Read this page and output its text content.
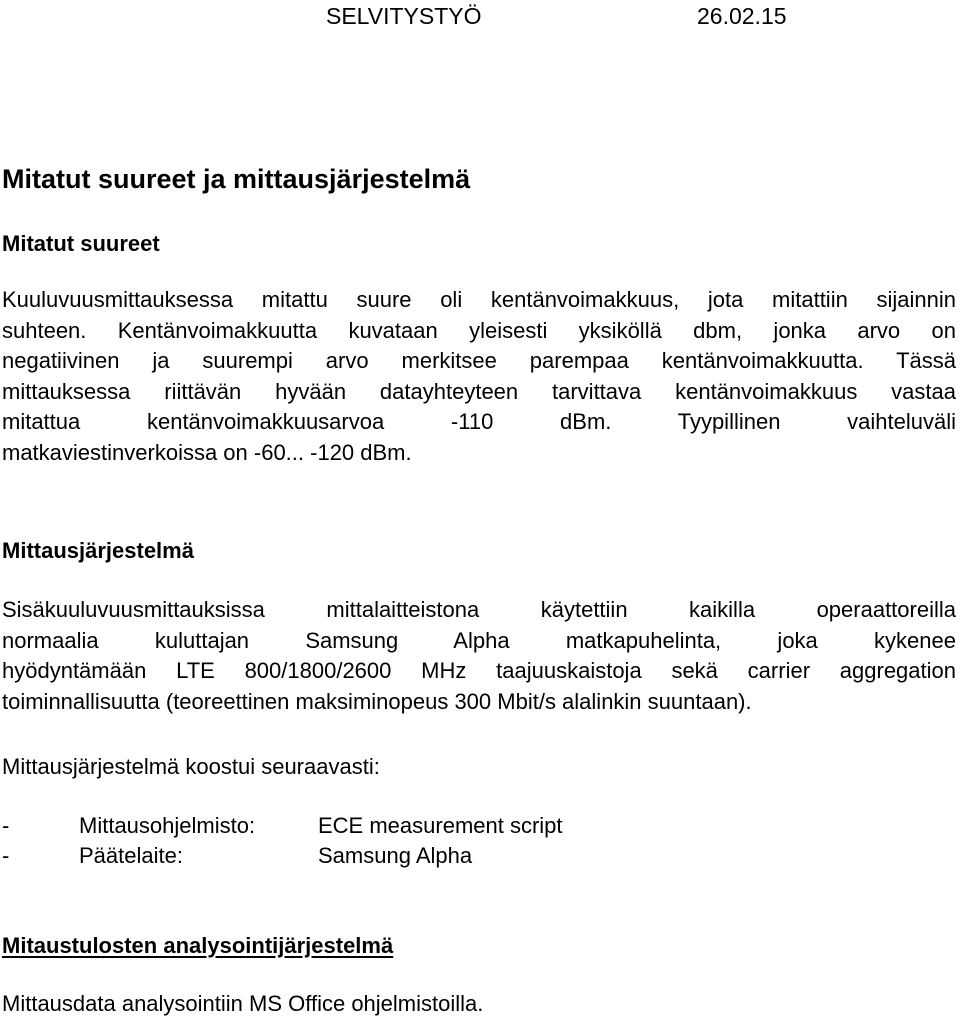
SELVITYSTYÖ	26.02.15
Mitatut suureet ja mittausjärjestelmä
Mitatut suureet
Kuuluvuusmittauksessa mitattu suure oli kentänvoimakkuus, jota mitattiin sijainnin
suhteen. Kentänvoimakkuutta kuvataan yleisesti yksiköllä dbm, jonka arvo on
negatiivinen ja suurempi arvo merkitsee parempaa kentänvoimakkuutta. Tässä
mittauksessa riittävän hyvään datayhteyteen tarvittava kentänvoimakkuus vastaa
mitattua kentänvoimakkuusarvoa -110 dBm. Tyypillinen vaihteluväli
matkaviestinverkoissa on -60... -120 dBm.
Mittausjärjestelmä
Sisäkuuluvuusmittauksissa mittalaitteistona käytettiin kaikilla operaattoreilla
normaalia kuluttajan Samsung Alpha matkapuhelinta, joka kykenee
hyödyntämään LTE 800/1800/2600 MHz taajuuskaistoja sekä carrier aggregation
toiminnallisuutta (teoreettinen maksiminopeus 300 Mbit/s alalinkin suuntaan).
Mittausjärjestelmä koostui seuraavasti:
-	Mittausohjelmisto:	ECE measurement script
-	Päätelaite:	Samsung Alpha
Mitaustulosten analysointijärjestelmä
Mittausdata analysointiin MS Office ohjelmistoilla.
